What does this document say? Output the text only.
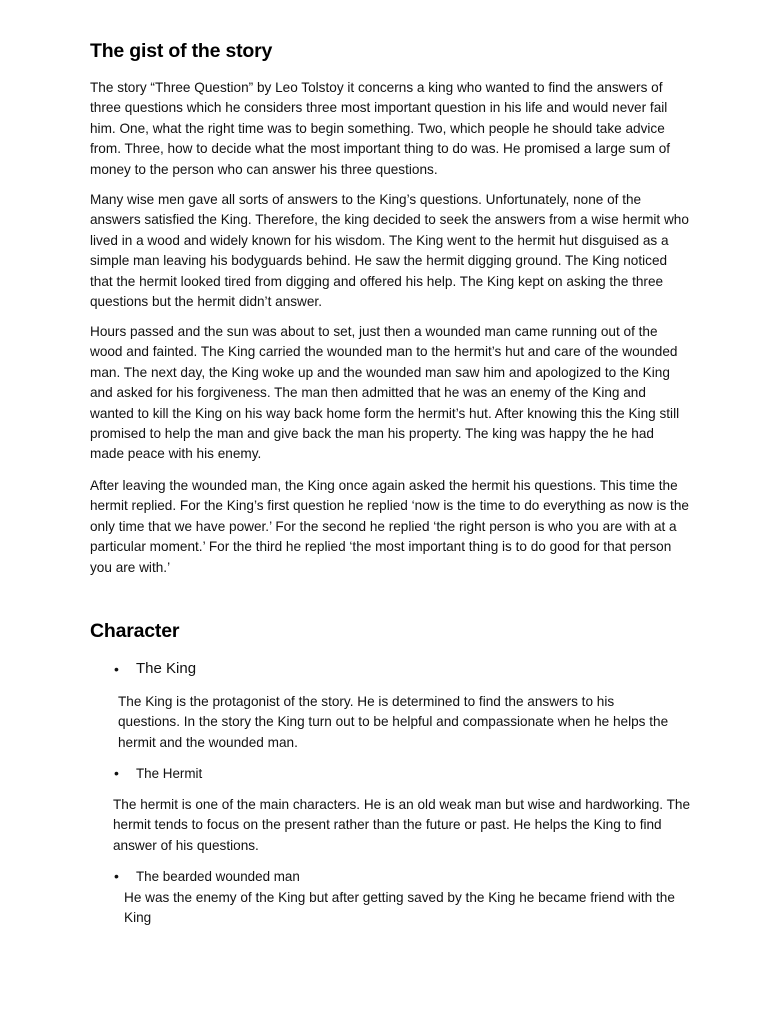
The gist of the story

The story “Three Question” by Leo Tolstoy it concerns a king who wanted to find the answers of three questions which he considers three most important question in his life and would never fail him. One, what the right time was to begin something. Two, which people he should take advice from. Three, how to decide what the most important thing to do was. He promised a large sum of money to the person who can answer his three questions.

Many wise men gave all sorts of answers to the King’s questions. Unfortunately, none of the answers satisfied the King. Therefore, the king decided to seek the answers from a wise hermit who lived in a wood and widely known for his wisdom. The King went to the hermit hut disguised as a simple man leaving his bodyguards behind. He saw the hermit digging ground. The King noticed that the hermit looked tired from digging and offered his help. The King kept on asking the three questions but the hermit didn’t answer.

Hours passed and the sun was about to set, just then a wounded man came running out of the wood and fainted. The King carried the wounded man to the hermit’s hut and care of the wounded man. The next day, the King woke up and the wounded man saw him and apologized to the King and asked for his forgiveness. The man then admitted that he was an enemy of the King and wanted to kill the King on his way back home form the hermit’s hut. After knowing this the King still promised to help the man and give back the man his property. The king was happy the he had made peace with his enemy.

After leaving the wounded man, the King once again asked the hermit his questions. This time the hermit replied. For the King’s first question he replied ‘now is the time to do everything as now is the only time that we have power.’ For the second he replied ‘the right person is who you are with at a particular moment.’ For the third he replied ‘the most important thing is to do good for that person you are with.’

Character
•	The King

The King is the protagonist of the story. He is determined to find the answers to his questions. In the story the King turn out to be helpful and compassionate when he helps the hermit and the wounded man.

•	The Hermit

The hermit is one of the main characters. He is an old weak man but wise and hardworking. The hermit tends to focus on the present rather than the future or past. He helps the King to find answer of his questions.

•	The bearded wounded man

He was the enemy of the King but after getting saved by the King he became friend with the King
